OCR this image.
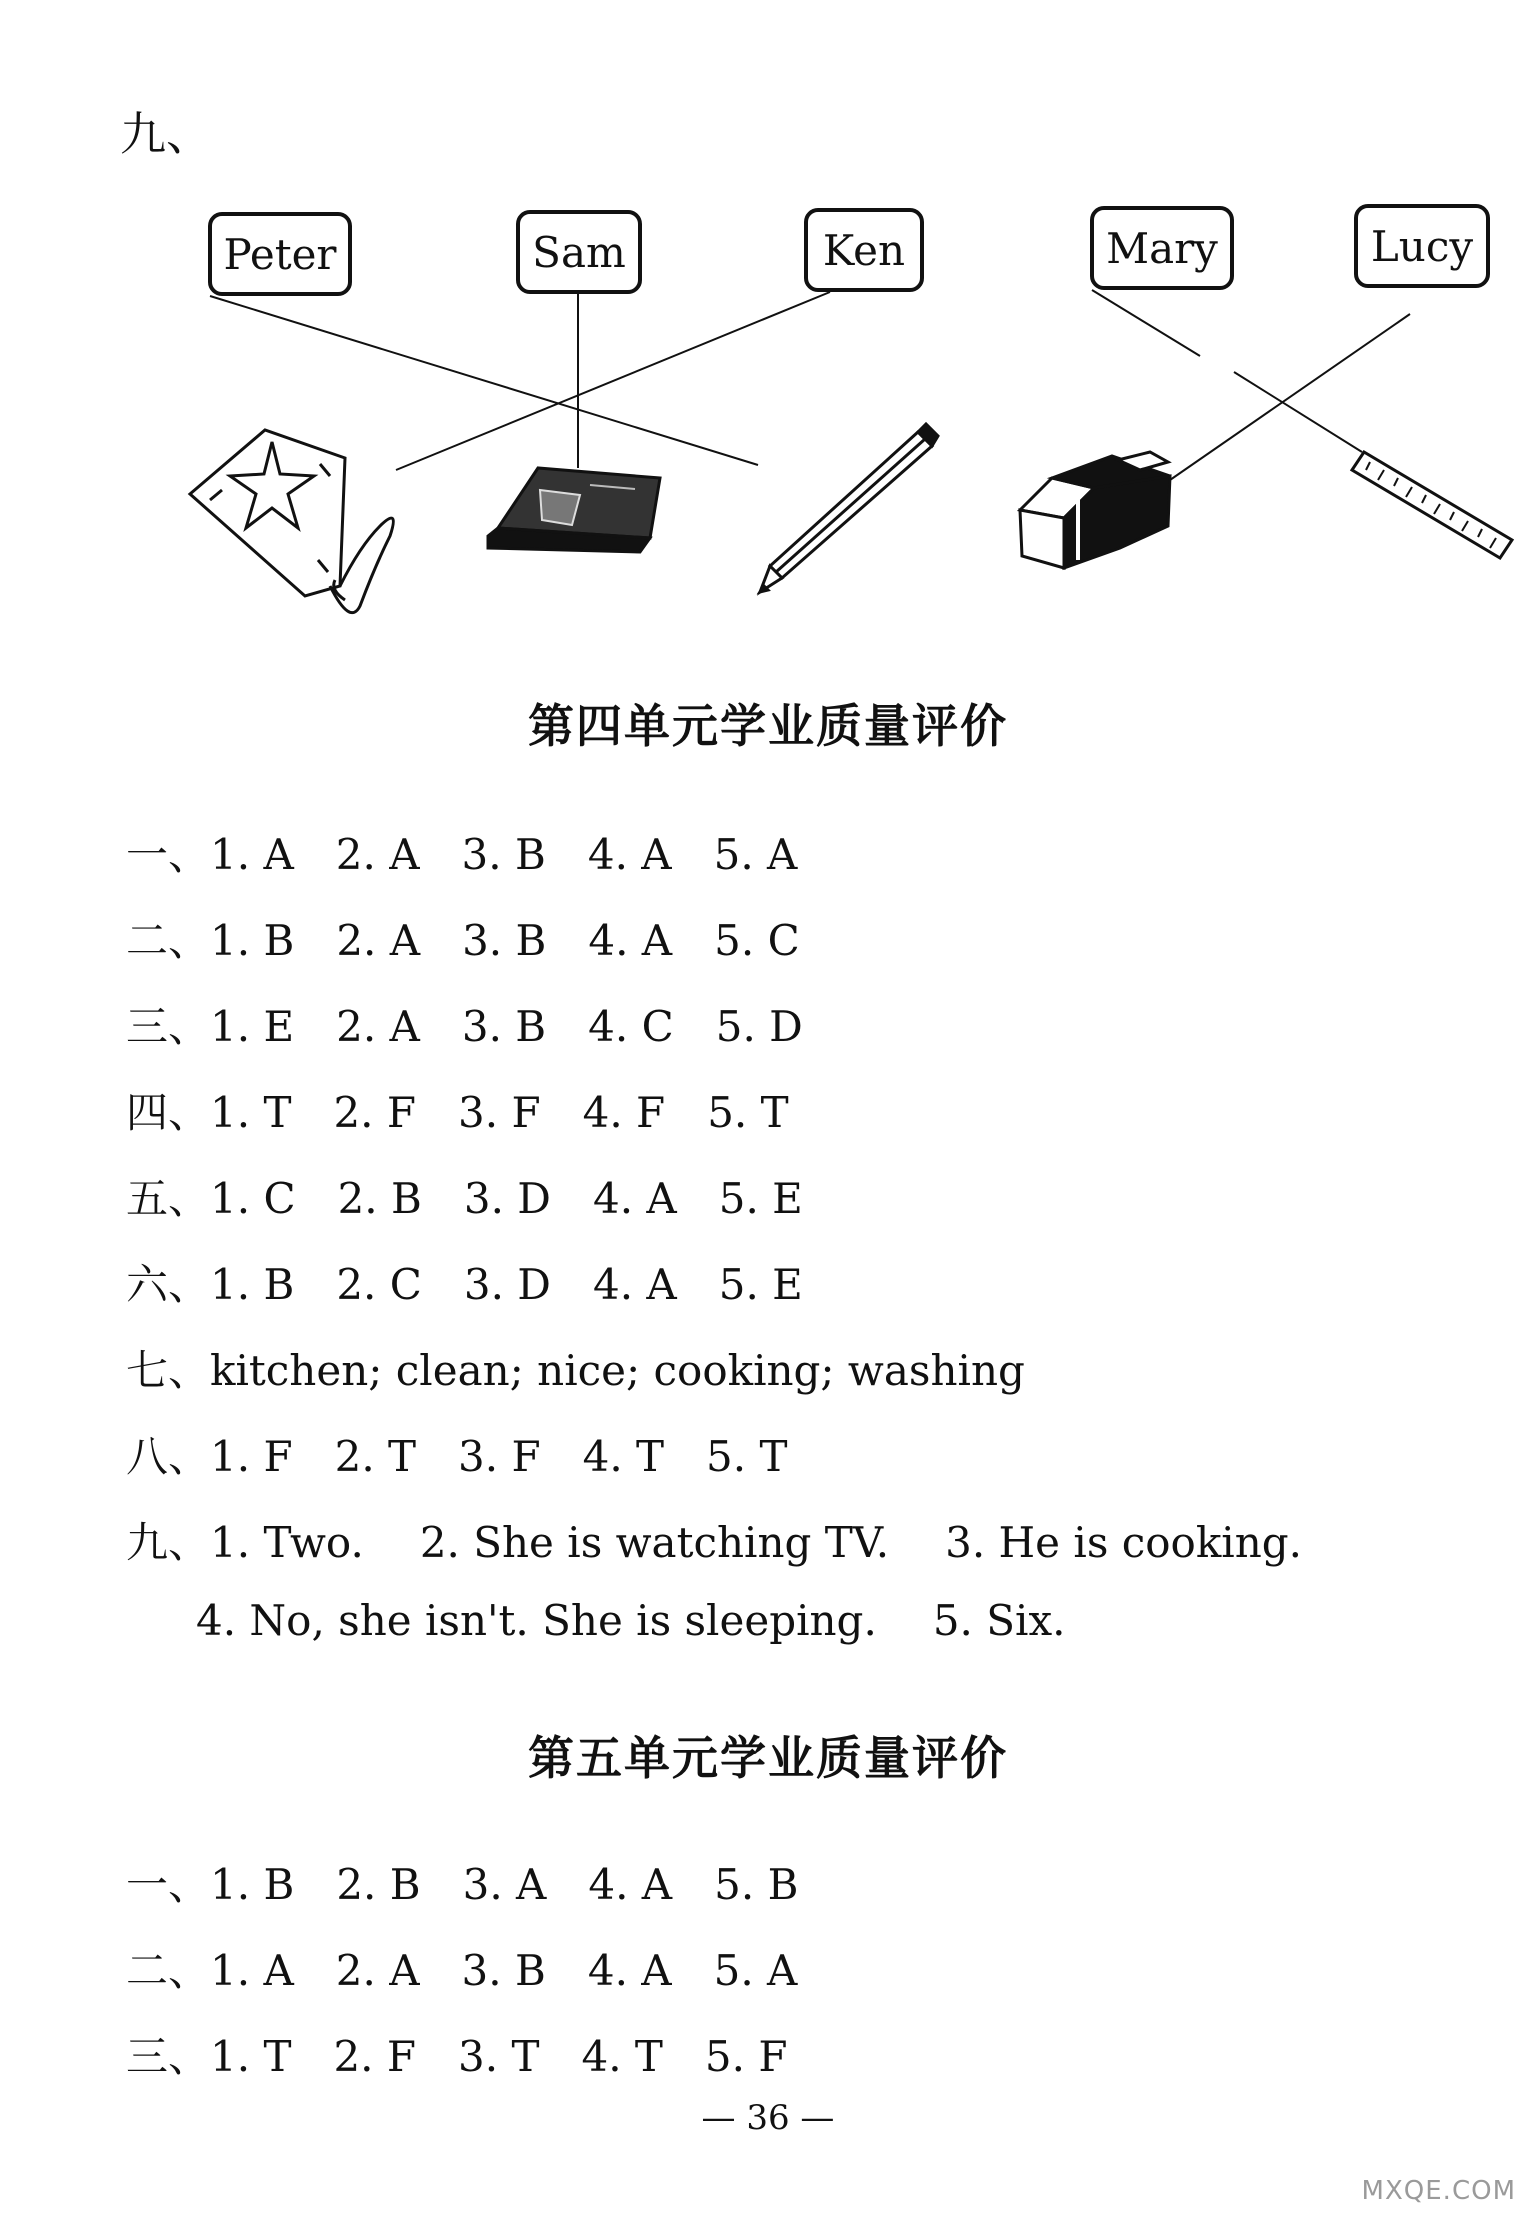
九、
Peter	Sam	Ken	Mary	Lucy
第四单元学业质量评价
一、1. A 2. A 3. B 4. A 5. A
二、1. B 2. A 3. B 4. A 5. C
三、1. E 2. A 3. B 4. C 5. D
四、1. T 2. F 3. F 4. F 5. T
五、1. C 2. B 3. D 4. A 5. E
六、1. B 2. C 3. D 4. A 5. E
七、kitchen; clean; nice; cooking; washing
八、1. F 2. T 3. F 4. T 5. T
九、1. Two. 2. She is watching TV. 3. He is cooking.
4. No, she isn't. She is sleeping. 5. Six.
第五单元学业质量评价
一、1. B 2. B 3. A 4. A 5. B
二、1. A 2. A 3. B 4. A 5. A
三、1. T 2. F 3. T 4. T 5. F
— 36 —
MXQE.COM
